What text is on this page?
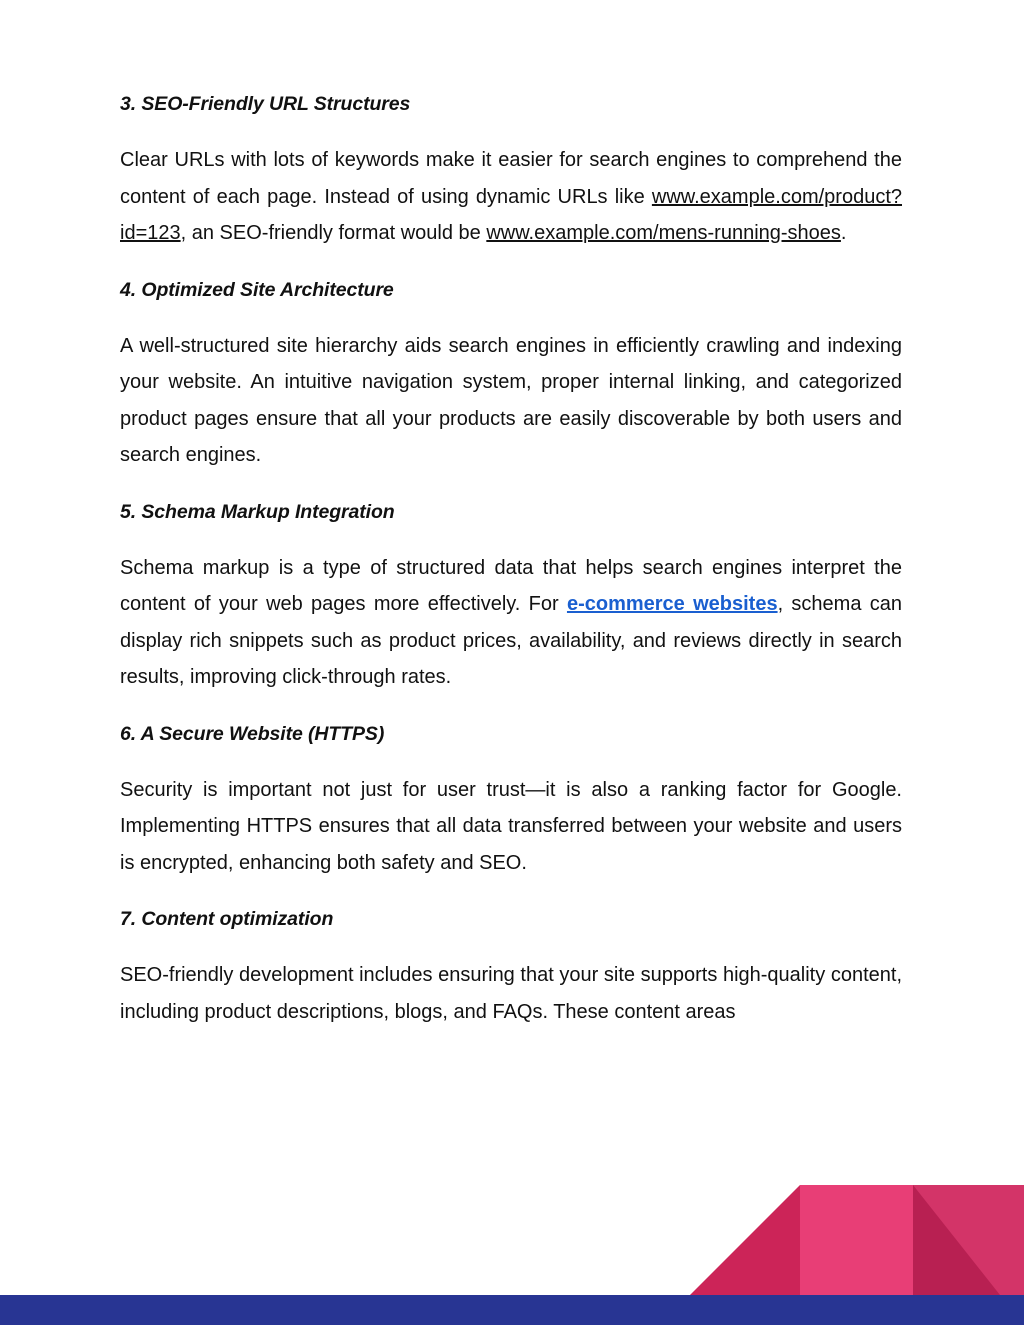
3. SEO-Friendly URL Structures

Clear URLs with lots of keywords make it easier for search engines to comprehend the content of each page. Instead of using dynamic URLs like www.example.com/product?id=123, an SEO-friendly format would be www.example.com/mens-running-shoes.

4. Optimized Site Architecture

A well-structured site hierarchy aids search engines in efficiently crawling and indexing your website. An intuitive navigation system, proper internal linking, and categorized product pages ensure that all your products are easily discoverable by both users and search engines.

5. Schema Markup Integration

Schema markup is a type of structured data that helps search engines interpret the content of your web pages more effectively. For e-commerce websites, schema can display rich snippets such as product prices, availability, and reviews directly in search results, improving click-through rates.

6. A Secure Website (HTTPS)

Security is important not just for user trust—it is also a ranking factor for Google. Implementing HTTPS ensures that all data transferred between your website and users is encrypted, enhancing both safety and SEO.

7. Content optimization

SEO-friendly development includes ensuring that your site supports high-quality content, including product descriptions, blogs, and FAQs. These content areas
